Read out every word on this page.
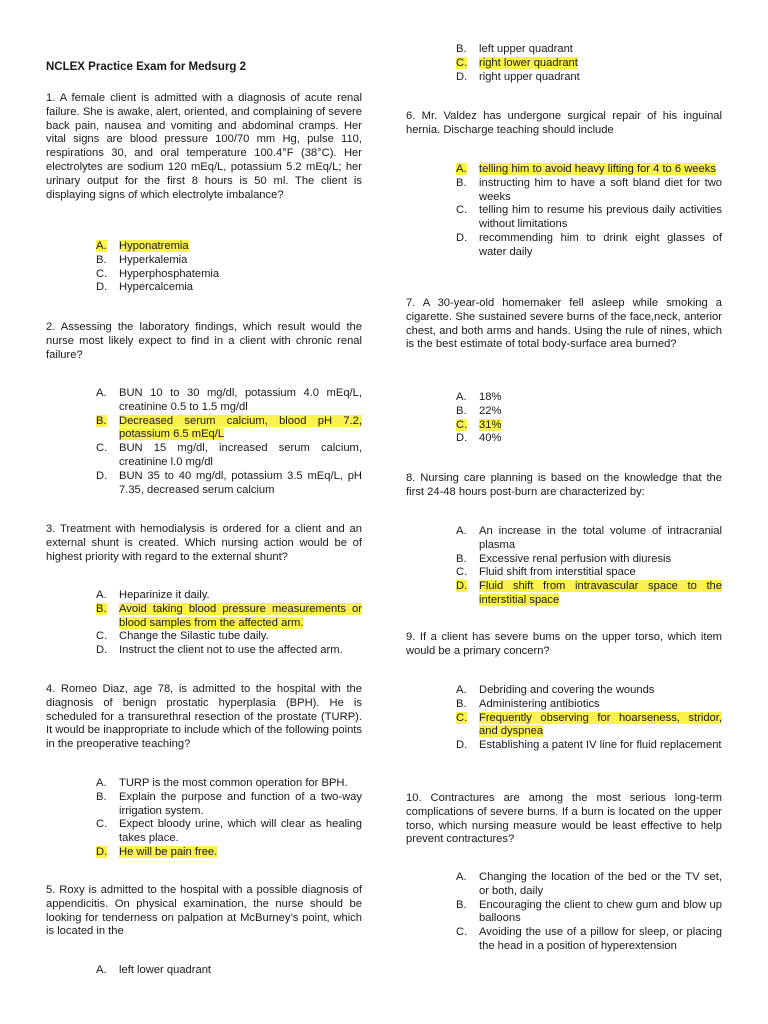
NCLEX Practice Exam for Medsurg 2
1. A female client is admitted with a diagnosis of acute renal failure. She is awake, alert, oriented, and complaining of severe back pain, nausea and vomiting and abdominal cramps. Her vital signs are blood pressure 100/70 mm Hg, pulse 110, respirations 30, and oral temperature 100.4°F (38°C). Her electrolytes are sodium 120 mEq/L, potassium 5.2 mEq/L; her urinary output for the first 8 hours is 50 ml. The client is displaying signs of which electrolyte imbalance?
A.	Hyponatremia
B.	Hyperkalemia
C.	Hyperphosphatemia
D.	Hypercalcemia
2. Assessing the laboratory findings, which result would the nurse most likely expect to find in a client with chronic renal failure?
A.	BUN 10 to 30 mg/dl, potassium 4.0 mEq/L, creatinine 0.5 to 1.5 mg/dl
B.	Decreased serum calcium, blood pH 7.2, potassium 6.5 mEq/L
C.	BUN 15 mg/dl, increased serum calcium, creatinine l.0 mg/dl
D.	BUN 35 to 40 mg/dl, potassium 3.5 mEq/L, pH 7.35, decreased serum calcium
3. Treatment with hemodialysis is ordered for a client and an external shunt is created. Which nursing action would be of highest priority with regard to the external shunt?
A.	Heparinize it daily.
B.	Avoid taking blood pressure measurements or blood samples from the affected arm.
C.	Change the Silastic tube daily.
D.	Instruct the client not to use the affected arm.
4. Romeo Diaz, age 78, is admitted to the hospital with the diagnosis of benign prostatic hyperplasia (BPH). He is scheduled for a transurethral resection of the prostate (TURP). It would be inappropriate to include which of the following points in the preoperative teaching?
A.	TURP is the most common operation for BPH.
B.	Explain the purpose and function of a two-way irrigation system.
C.	Expect bloody urine, which will clear as healing takes place.
D.	He will be pain free.
5. Roxy is admitted to the hospital with a possible diagnosis of appendicitis. On physical examination, the nurse should be looking for tenderness on palpation at McBurney’s point, which is located in the
A.	left lower quadrant
B.	left upper quadrant
C.	right lower quadrant
D.	right upper quadrant
6. Mr. Valdez has undergone surgical repair of his inguinal hernia. Discharge teaching should include
A.	telling him to avoid heavy lifting for 4 to 6 weeks
B.	instructing him to have a soft bland diet for two weeks
C.	telling him to resume his previous daily activities without limitations
D.	recommending him to drink eight glasses of water daily
7. A 30-year-old homemaker fell asleep while smoking a cigarette. She sustained severe burns of the face,neck, anterior chest, and both arms and hands. Using the rule of nines, which is the best estimate of total body-surface area burned?
A.	18%
B.	22%
C.	31%
D.	40%
8. Nursing care planning is based on the knowledge that the first 24-48 hours post-burn are characterized by:
A.	An increase in the total volume of intracranial plasma
B.	Excessive renal perfusion with diuresis
C.	Fluid shift from interstitial space
D.	Fluid shift from intravascular space to the interstitial space
9. If a client has severe bums on the upper torso, which item would be a primary concern?
A.	Debriding and covering the wounds
B.	Administering antibiotics
C.	Frequently observing for hoarseness, stridor, and dyspnea
D.	Establishing a patent IV line for fluid replacement
10. Contractures are among the most serious long-term complications of severe burns. If a burn is located on the upper torso, which nursing measure would be least effective to help prevent contractures?
A.	Changing the location of the bed or the TV set, or both, daily
B.	Encouraging the client to chew gum and blow up balloons
C.	Avoiding the use of a pillow for sleep, or placing the head in a position of hyperextension
